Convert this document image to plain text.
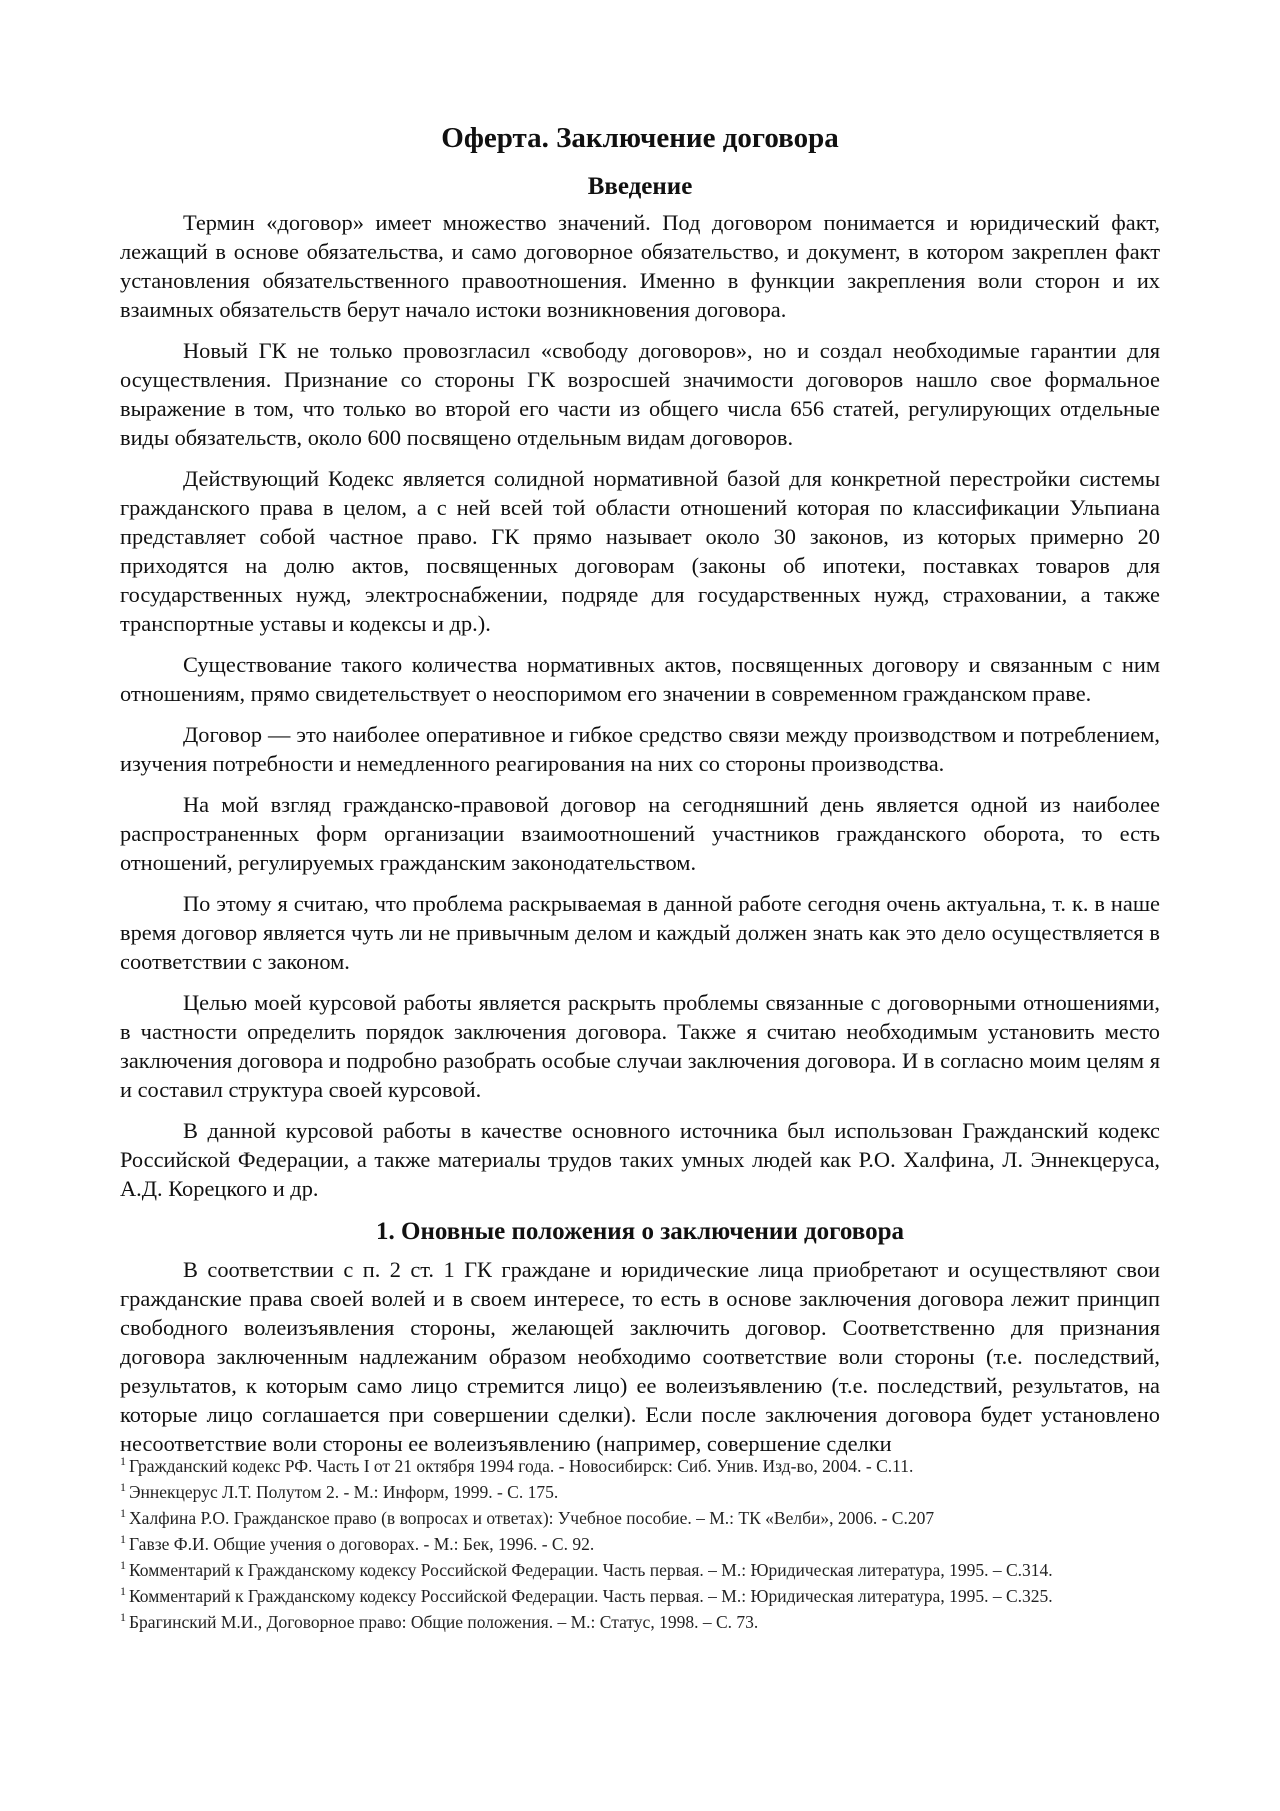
Оферта. Заключение договора
Введение

Термин «договор» имеет множество значений. Под договором понимается и юридический факт, лежащий в основе обязательства, и само договорное обязательство, и документ, в котором закреплен факт установления обязательственного правоотношения. Именно в функции закрепления воли сторон и их взаимных обязательств берут начало истоки возникновения договора.

Новый ГК не только провозгласил «свободу договоров», но и создал необходимые гарантии для осуществления. Признание со стороны ГК возросшей значимости договоров нашло свое формальное выражение в том, что только во второй его части из общего числа 656 статей, регулирующих отдельные виды обязательств, около 600 посвящено отдельным видам договоров.

Действующий Кодекс является солидной нормативной базой для конкретной перестройки системы гражданского права в целом, а с ней всей той области отношений которая по классификации Ульпиана представляет собой частное право. ГК прямо называет около 30 законов, из которых примерно 20 приходятся на долю актов, посвященных договорам (законы об ипотеки, поставках товаров для государственных нужд, электроснабжении, подряде для государственных нужд, страховании, а также транспортные уставы и кодексы и др.).

Существование такого количества нормативных актов, посвященных договору и связанным с ним отношениям, прямо свидетельствует о неоспоримом его значении в современном гражданском праве.

Договор — это наиболее оперативное и гибкое средство связи между производством и потреблением, изучения потребности и немедленного реагирования на них со стороны производства.

На мой взгляд гражданско-правовой договор на сегодняшний день является одной из наиболее распространенных форм организации взаимоотношений участников гражданского оборота, то есть отношений, регулируемых гражданским законодательством.

По этому я считаю, что проблема раскрываемая в данной работе сегодня очень актуальна, т. к. в наше время договор является чуть ли не привычным делом и каждый должен знать как это дело осуществляется в соответствии с законом.

Целью моей курсовой работы является раскрыть проблемы связанные с договорными отношениями, в частности определить порядок заключения договора. Также я считаю необходимым установить место заключения договора и подробно разобрать особые случаи заключения договора. И в согласно моим целям я и составил структура своей курсовой.

В данной курсовой работы в качестве основного источника был использован Гражданский кодекс Российской Федерации, а также материалы трудов таких умных людей как Р.О. Халфина, Л. Эннекцеруса, А.Д. Корецкого и др.

1. Оновные положения о заключении договора

В соответствии с п. 2 ст. 1 ГК граждане и юридические лица приобретают и осуществляют свои гражданские права своей волей и в своем интересе, то есть в основе заключения договора лежит принцип свободного волеизъявления стороны, желающей заключить договор. Соответственно для признания договора заключенным надлежаним образом необходимо соответствие воли стороны (т.е. последствий, результатов, к которым само лицо стремится лицо) ее волеизъявлению (т.е. последствий, результатов, на которые лицо соглашается при совершении сделки). Если после заключения договора будет установлено несоответствие воли стороны ее волеизъявлению (например, совершение сделки

$^1$ Гражданский кодекс РФ. Часть I от 21 октября 1994 года. - Новосибирск: Сиб. Унив. Изд-во, 2004. - С.11.

$^1$ Эннекцерус Л.Т. Полутом 2. - М.: Информ, 1999. - С. 175.

$^1$ Халфина Р.О. Гражданское право (в вопросах и ответах): Учебное пособие. – М.: ТК «Велби», 2006. - С.207

$^1$ Гавзе Ф.И. Общие учения о договорах. - М.: Бек, 1996. - С. 92.

$^1$ Комментарий к Гражданскому кодексу Российской Федерации. Часть первая. – М.: Юридическая литература, 1995. – С.314.

$^1$ Комментарий к Гражданскому кодексу Российской Федерации. Часть первая. – М.: Юридическая литература, 1995. – С.325.

$^1$ Брагинский М.И., Договорное право: Общие положения. – М.: Статус, 1998. – С. 73.
